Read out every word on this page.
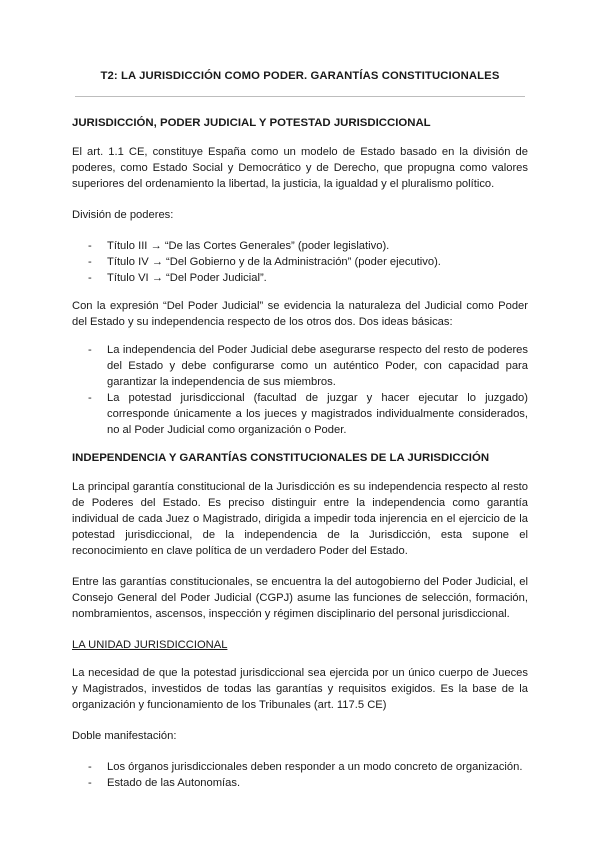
T2: LA JURISDICCIÓN COMO PODER. GARANTÍAS CONSTITUCIONALES
JURISDICCIÓN, PODER JUDICIAL Y POTESTAD JURISDICCIONAL

El art. 1.1 CE, constituye España como un modelo de Estado basado en la división de poderes, como Estado Social y Democrático y de Derecho, que propugna como valores superiores del ordenamiento la libertad, la justicia, la igualdad y el pluralismo político.

División de poderes:

- Título III → “De las Cortes Generales” (poder legislativo).
- Título IV → “Del Gobierno y de la Administración” (poder ejecutivo).
- Título VI → “Del Poder Judicial”.

Con la expresión “Del Poder Judicial” se evidencia la naturaleza del Judicial como Poder del Estado y su independencia respecto de los otros dos. Dos ideas básicas:

- La independencia del Poder Judicial debe asegurarse respecto del resto de poderes del Estado y debe configurarse como un auténtico Poder, con capacidad para garantizar la independencia de sus miembros.
- La potestad jurisdiccional (facultad de juzgar y hacer ejecutar lo juzgado) corresponde únicamente a los jueces y magistrados individualmente considerados, no al Poder Judicial como organización o Poder.
INDEPENDENCIA Y GARANTÍAS CONSTITUCIONALES DE LA JURISDICCIÓN

La principal garantía constitucional de la Jurisdicción es su independencia respecto al resto de Poderes del Estado. Es preciso distinguir entre la independencia como garantía individual de cada Juez o Magistrado, dirigida a impedir toda injerencia en el ejercicio de la potestad jurisdiccional, de la independencia de la Jurisdicción, esta supone el reconocimiento en clave política de un verdadero Poder del Estado.

Entre las garantías constitucionales, se encuentra la del autogobierno del Poder Judicial, el Consejo General del Poder Judicial (CGPJ) asume las funciones de selección, formación, nombramientos, ascensos, inspección y régimen disciplinario del personal jurisdiccional.

LA UNIDAD JURISDICCIONAL

La necesidad de que la potestad jurisdiccional sea ejercida por un único cuerpo de Jueces y Magistrados, investidos de todas las garantías y requisitos exigidos. Es la base de la organización y funcionamiento de los Tribunales (art. 117.5 CE)

Doble manifestación:

- Los órganos jurisdiccionales deben responder a un modo concreto de organización.
- Estado de las Autonomías.
